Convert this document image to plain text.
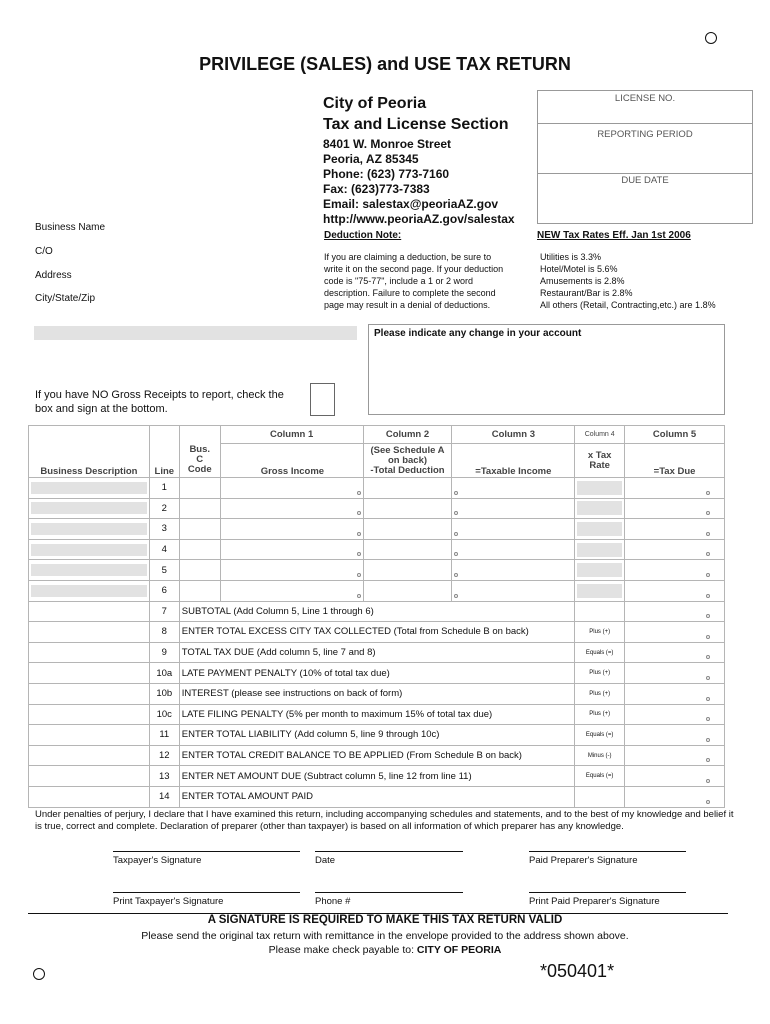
PRIVILEGE (SALES) and USE TAX RETURN
City of Peoria
Tax and License Section
8401 W. Monroe Street
Peoria, AZ 85345
Phone: (623) 773-7160
Fax: (623)773-7383
Email: salestax@peoriaAZ.gov
http://www.peoriaAZ.gov/salestax
LICENSE NO.
REPORTING PERIOD
DUE DATE
Business Name
C/O
Address
City/State/Zip
Deduction Note:
If you are claiming a deduction, be sure to
write it on the second page. If your deduction
code is "75-77", include a 1 or 2 word
description. Failure to complete the second
page may result in a denial of deductions.
NEW Tax Rates Eff. Jan 1st 2006
Utilities is 3.3%
Hotel/Motel is 5.6%
Amusements is 2.8%
Restaurant/Bar is 2.8%
All others (Retail, Contracting,etc.) are 1.8%
Please indicate any change in your account
If you have NO Gross Receipts to report, check the
box and sign at the bottom.
			Column 1	Column 2	Column 3	Column 4	Column 5
Business Description	Line	Bus.
C
Code	Gross Income	(See Schedule A
on back)
-Total Deduction	=Taxable Income	x Tax
Rate	=Tax Due

	1					

	2					

	3					

	4					

	5					

	6					

	7	SUBTOTAL (Add Column 5, Line 1 through 6)					
	8	ENTER TOTAL EXCESS CITY TAX COLLECTED (Total from Schedule B on back)				Plus (+)	
	9	TOTAL TAX DUE (Add column 5, line 7 and 8)				Equals (=)	
	10a	LATE PAYMENT PENALTY (10% of total tax due)				Plus (+)	
	10b	INTEREST (please see instructions on back of form)				Plus (+)	
	10c	LATE FILING PENALTY (5% per month to maximum 15% of total tax due)				Plus (+)	
	11	ENTER TOTAL LIABILITY (Add column 5, line 9 through 10c)				Equals (=)	
	12	ENTER TOTAL CREDIT BALANCE TO BE APPLIED (From Schedule B on back)				Minus (-)	
	13	ENTER NET AMOUNT DUE (Subtract column 5, line 12 from line 11)				Equals (=)	
	14	ENTER TOTAL AMOUNT PAID					
Under penalties of perjury, I declare that I have examined this return, including accompanying schedules and statements, and to the best of my knowledge and belief it is true, correct and complete. Declaration of preparer (other than taxpayer) is based on all information of which preparer has any knowledge.
Taxpayer's Signature	Date	Paid Preparer's Signature
Print Taxpayer's Signature	Phone #	Print Paid Preparer's Signature
A SIGNATURE IS REQUIRED TO MAKE THIS TAX RETURN VALID
Please send the original tax return with remittance in the envelope provided to the address shown above.
Please make check payable to: CITY OF PEORIA
*050401*
